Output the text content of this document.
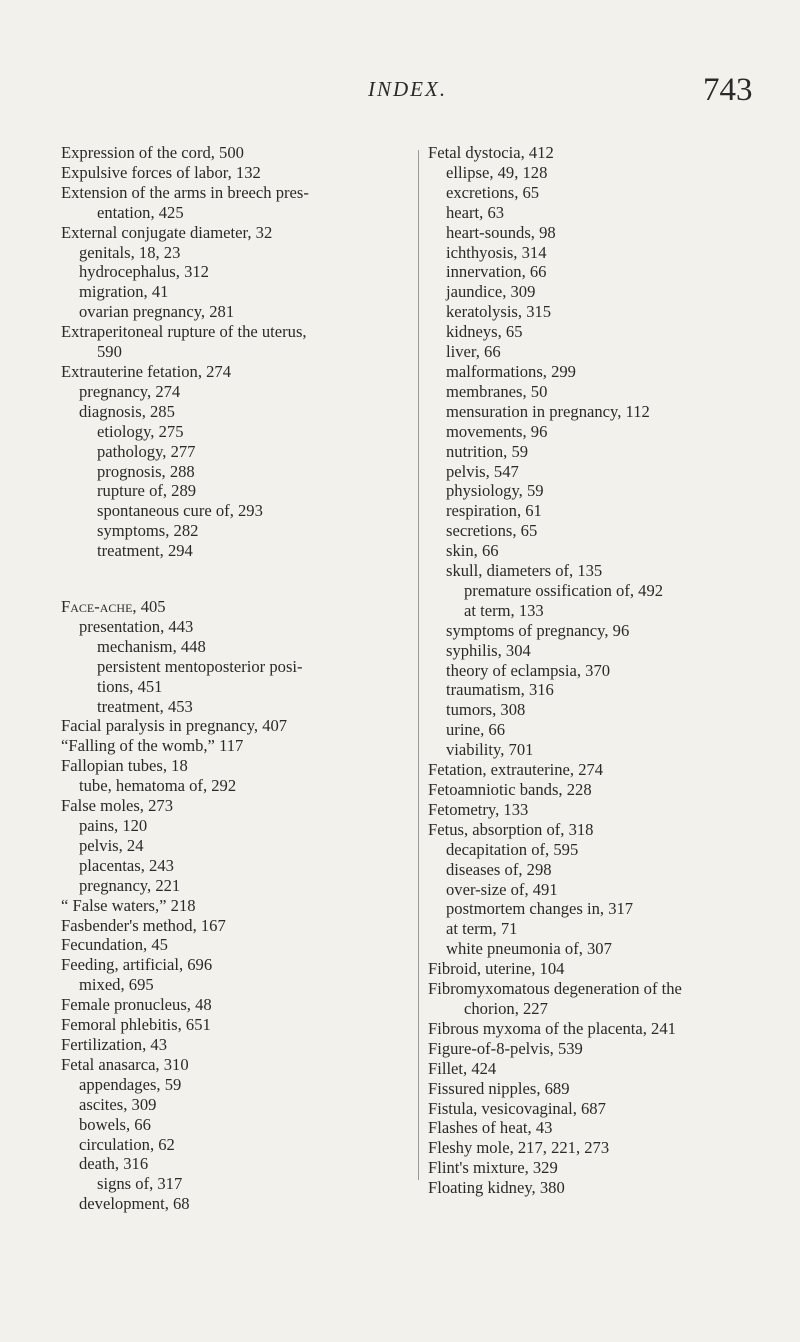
INDEX.	743
Expression of the cord, 500
Expulsive forces of labor, 132
Extension of the arms in breech pres-
entation, 425
External conjugate diameter, 32
genitals, 18, 23
hydrocephalus, 312
migration, 41
ovarian pregnancy, 281
Extraperitoneal rupture of the uterus,
590
Extrauterine fetation, 274
pregnancy, 274
diagnosis, 285
etiology, 275
pathology, 277
prognosis, 288
rupture of, 289
spontaneous cure of, 293
symptoms, 282
treatment, 294
Face-ache, 405
presentation, 443
mechanism, 448
persistent mentoposterior posi-
tions, 451
treatment, 453
Facial paralysis in pregnancy, 407
“Falling of the womb,” 117
Fallopian tubes, 18
tube, hematoma of, 292
False moles, 273
pains, 120
pelvis, 24
placentas, 243
pregnancy, 221
“ False waters,” 218
Fasbender's method, 167
Fecundation, 45
Feeding, artificial, 696
mixed, 695
Female pronucleus, 48
Femoral phlebitis, 651
Fertilization, 43
Fetal anasarca, 310
appendages, 59
ascites, 309
bowels, 66
circulation, 62
death, 316
signs of, 317
development, 68
Fetal dystocia, 412
ellipse, 49, 128
excretions, 65
heart, 63
heart-sounds, 98
ichthyosis, 314
innervation, 66
jaundice, 309
keratolysis, 315
kidneys, 65
liver, 66
malformations, 299
membranes, 50
mensuration in pregnancy, 112
movements, 96
nutrition, 59
pelvis, 547
physiology, 59
respiration, 61
secretions, 65
skin, 66
skull, diameters of, 135
premature ossification of, 492
at term, 133
symptoms of pregnancy, 96
syphilis, 304
theory of eclampsia, 370
traumatism, 316
tumors, 308
urine, 66
viability, 701
Fetation, extrauterine, 274
Fetoamniotic bands, 228
Fetometry, 133
Fetus, absorption of, 318
decapitation of, 595
diseases of, 298
over-size of, 491
postmortem changes in, 317
at term, 71
white pneumonia of, 307
Fibroid, uterine, 104
Fibromyxomatous degeneration of the
chorion, 227
Fibrous myxoma of the placenta, 241
Figure-of-8-pelvis, 539
Fillet, 424
Fissured nipples, 689
Fistula, vesicovaginal, 687
Flashes of heat, 43
Fleshy mole, 217, 221, 273
Flint's mixture, 329
Floating kidney, 380
